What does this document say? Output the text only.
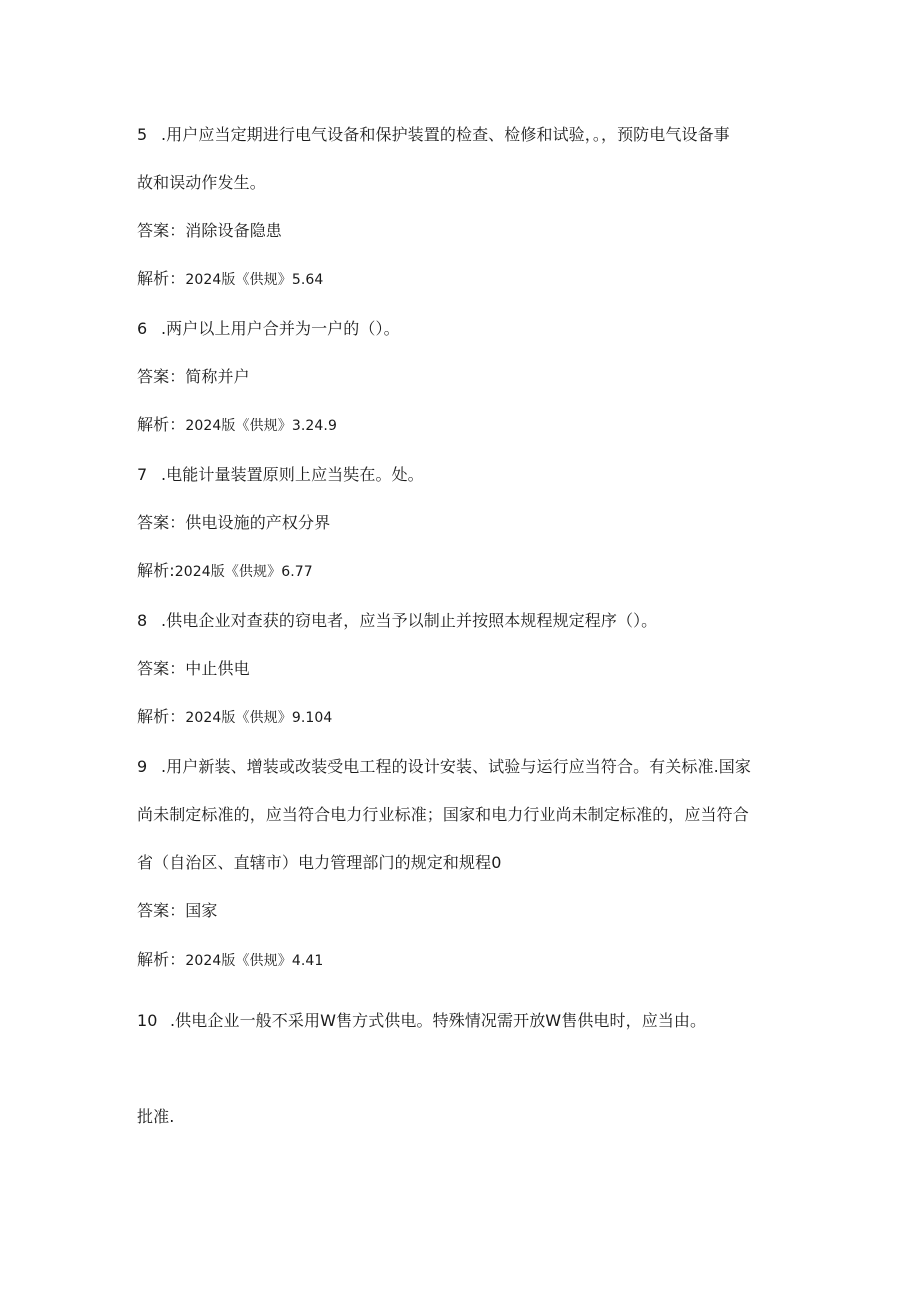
5 .用户应当定期进行电气设备和保护装置的检查、检修和试验，。，预防电气设备事
故和误动作发生。
答案：消除设备隐患
解析：2024版《供规》5.64
6 .两户以上用户合并为一户的（）。
答案：简称并户
解析：2024版《供规》3.24.9
7 .电能计量装置原则上应当奘在。处。
答案：供电设施的产权分界
解析:2024版《供规》6.77
8 .供电企业对查获的窃电者，应当予以制止并按照本规程规定程序（）。
答案：中止供电
解析：2024版《供规》9.104
9 .用户新装、增装或改装受电工程的设计安装、试验与运行应当符合。有关标准.国家
尚未制定标准的，应当符合电力行业标准；国家和电力行业尚未制定标准的，应当符合
省（自治区、直辖市）电力管理部门的规定和规程0
答案：国家
解析：2024版《供规》4.41
10 .供电企业一般不采用W售方式供电。特殊情况需开放W售供电时，应当由。
批准.
